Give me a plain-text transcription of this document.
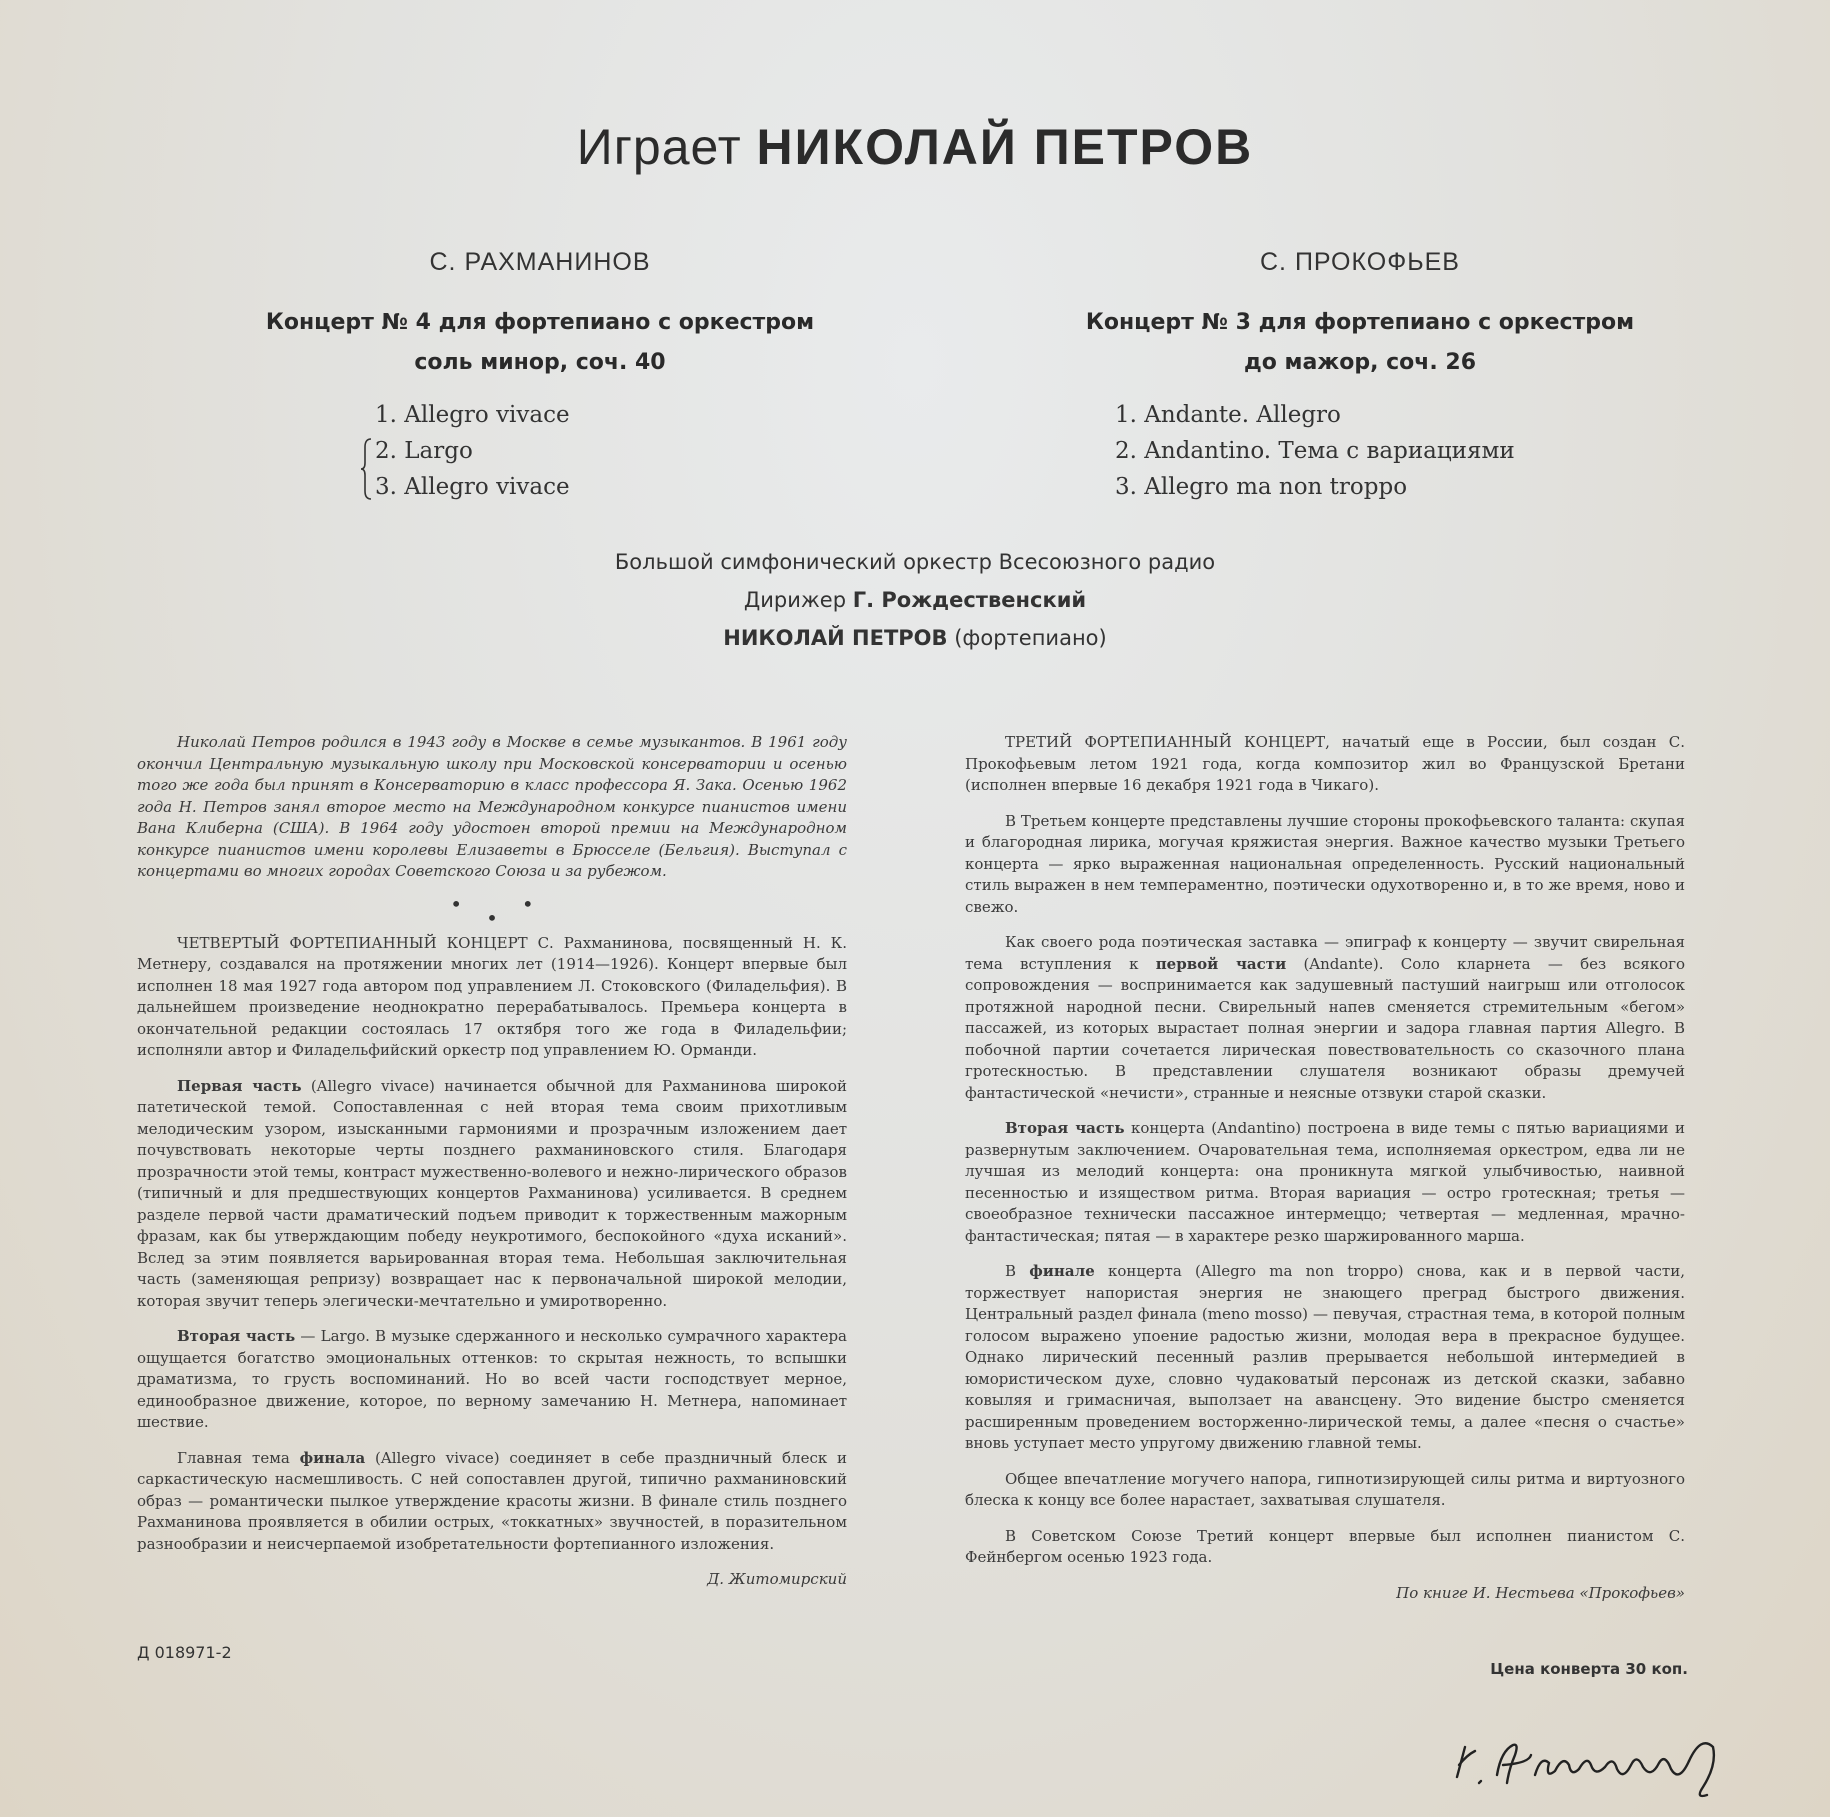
Играет НИКОЛАЙ ПЕТРОВ
С. РАХМАНИНОВ
Концерт № 4 для фортепиано с оркестром
соль минор, соч. 40
1. Allegro vivace
2. Largo
3. Allegro vivace
С. ПРОКОФЬЕВ
Концерт № 3 для фортепиано с оркестром
до мажор, соч. 26
1. Andante. Allegro
2. Andantino. Тема с вариациями
3. Allegro ma non troppo
Большой симфонический оркестр Всесоюзного радио
Дирижер Г. Рождественский
НИКОЛАЙ ПЕТРОВ (фортепиано)

Николай Петров родился в 1943 году в Москве в семье музыкантов. В 1961 году окончил Центральную музыкальную школу при Московской консерватории и осенью того же года был принят в Консерваторию в класс профессора Я. Зака. Осенью 1962 года Н. Петров занял второе место на Международном конкурсе пианистов имени Вана Клиберна (США). В 1964 году удостоен второй премии на Международном конкурсе пианистов имени королевы Елизаветы в Брюсселе (Бельгия). Выступал с концертами во многих городах Советского Союза и за рубежом.

•••

ЧЕТВЕРТЫЙ ФОРТЕПИАННЫЙ КОНЦЕРТ С. Рахманинова, посвященный Н. К. Метнеру, создавался на протяжении многих лет (1914—1926). Концерт впервые был исполнен 18 мая 1927 года автором под управлением Л. Стоковского (Филадельфия). В дальнейшем произведение неоднократно перерабатывалось. Премьера концерта в окончательной редакции состоялась 17 октября того же года в Филадельфии; исполняли автор и Филадельфийский оркестр под управлением Ю. Орманди.

Первая часть (Allegro vivace) начинается обычной для Рахманинова широкой патетической темой. Сопоставленная с ней вторая тема своим прихотливым мелодическим узором, изысканными гармониями и прозрачным изложением дает почувствовать некоторые черты позднего рахманиновского стиля. Благодаря прозрачности этой темы, контраст мужественно-волевого и нежно-лирического образов (типичный и для предшествующих концертов Рахманинова) усиливается. В среднем разделе первой части драматический подъем приводит к торжественным мажорным фразам, как бы утверждающим победу неукротимого, беспокойного «духа исканий». Вслед за этим появляется варьированная вторая тема. Небольшая заключительная часть (заменяющая репризу) возвращает нас к первоначальной широкой мелодии, которая звучит теперь элегически-мечтательно и умиротворенно.

Вторая часть — Largo. В музыке сдержанного и несколько сумрачного характера ощущается богатство эмоциональных оттенков: то скрытая нежность, то вспышки драматизма, то грусть воспоминаний. Но во всей части господствует мерное, единообразное движение, которое, по верному замечанию Н. Метнера, напоминает шествие.

Главная тема финала (Allegro vivace) соединяет в себе праздничный блеск и саркастическую насмешливость. С ней сопоставлен другой, типично рахманиновский образ — романтически пылкое утверждение красоты жизни. В финале стиль позднего Рахманинова проявляется в обилии острых, «токкатных» звучностей, в поразительном разнообразии и неисчерпаемой изобретательности фортепианного изложения.

Д. Житомирский

ТРЕТИЙ ФОРТЕПИАННЫЙ КОНЦЕРТ, начатый еще в России, был создан С. Прокофьевым летом 1921 года, когда композитор жил во Французской Бретани (исполнен впервые 16 декабря 1921 года в Чикаго).

В Третьем концерте представлены лучшие стороны прокофьевского таланта: скупая и благородная лирика, могучая кряжистая энергия. Важное качество музыки Третьего концерта — ярко выраженная национальная определенность. Русский национальный стиль выражен в нем темпераментно, поэтически одухотворенно и, в то же время, ново и свежо.

Как своего рода поэтическая заставка — эпиграф к концерту — звучит свирельная тема вступления к первой части (Andante). Соло кларнета — без всякого сопровождения — воспринимается как задушевный пастуший наигрыш или отголосок протяжной народной песни. Свирельный напев сменяется стремительным «бегом» пассажей, из которых вырастает полная энергии и задора главная партия Allegro. В побочной партии сочетается лирическая повествовательность со сказочного плана гротескностью. В представлении слушателя возникают образы дремучей фантастической «нечисти», странные и неясные отзвуки старой сказки.

Вторая часть концерта (Andantino) построена в виде темы с пятью вариациями и развернутым заключением. Очаровательная тема, исполняемая оркестром, едва ли не лучшая из мелодий концерта: она проникнута мягкой улыбчивостью, наивной песенностью и изяществом ритма. Вторая вариация — остро гротескная; третья — своеобразное технически пассажное интермеццо; четвертая — медленная, мрачно-фантастическая; пятая — в характере резко шаржированного марша.

В финале концерта (Allegro ma non troppo) снова, как и в первой части, торжествует напористая энергия не знающего преград быстрого движения. Центральный раздел финала (meno mosso) — певучая, страстная тема, в которой полным голосом выражено упоение радостью жизни, молодая вера в прекрасное будущее. Однако лирический песенный разлив прерывается небольшой интермедией в юмористическом духе, словно чудаковатый персонаж из детской сказки, забавно ковыляя и гримасничая, выползает на авансцену. Это видение быстро сменяется расширенным проведением восторженно-лирической темы, а далее «песня о счастье» вновь уступает место упругому движению главной темы.

Общее впечатление могучего напора, гипнотизирующей силы ритма и виртуозного блеска к концу все более нарастает, захватывая слушателя.

В Советском Союзе Третий концерт впервые был исполнен пианистом С. Фейнбергом осенью 1923 года.

По книге И. Нестьева «Прокофьев»
Д 018971-2
Цена конверта 30 коп.
